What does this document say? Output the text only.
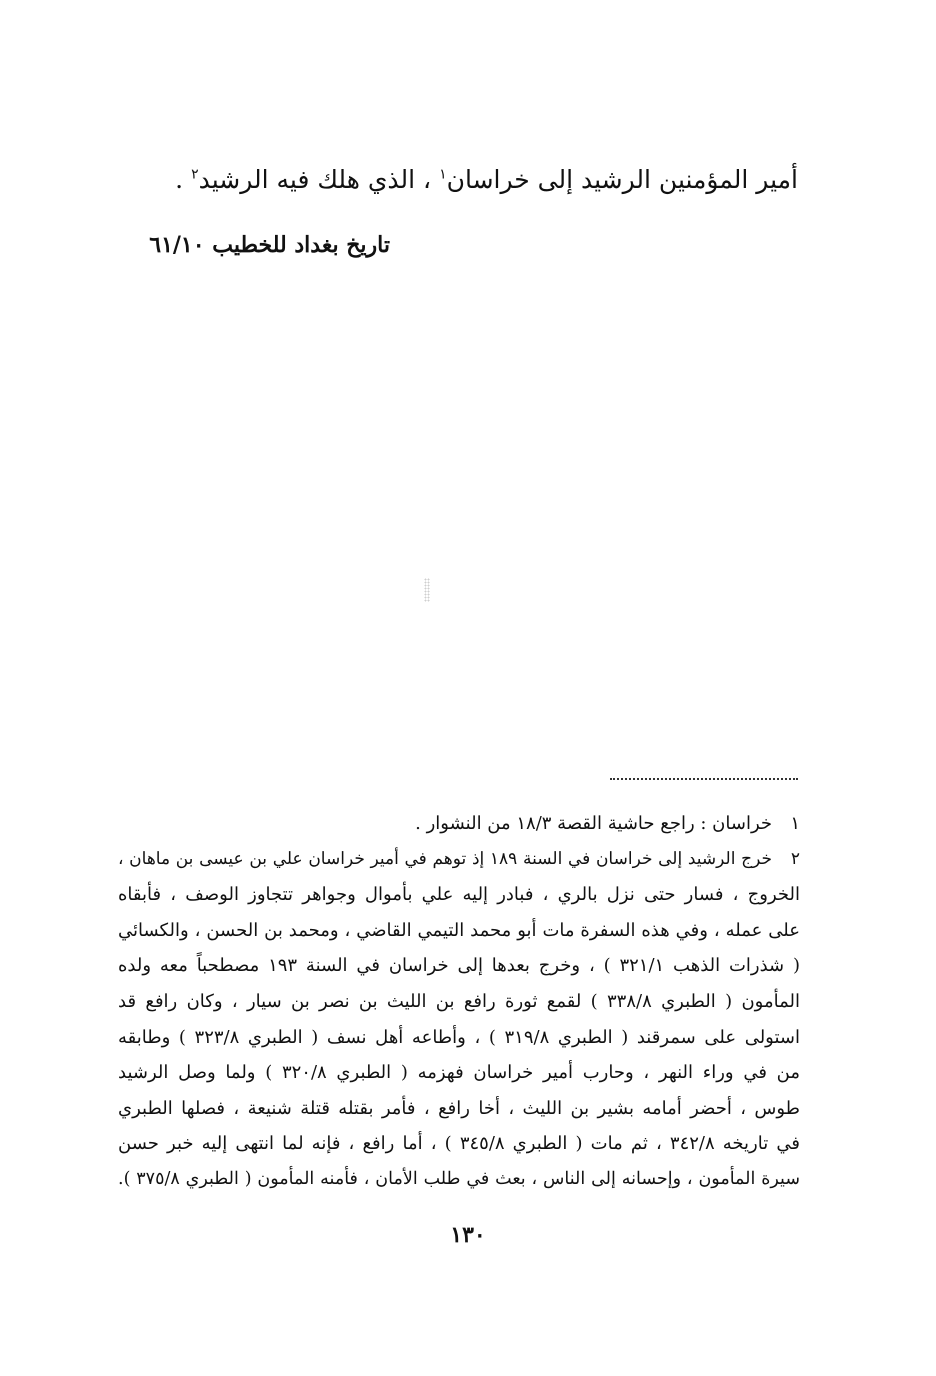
أمير المؤمنين الرشيد إلى خراسان$^١$ ، الذي هلك فيه الرشيد$^٢$ .
تاريخ بغداد للخطيب ٦١/١٠
١خراسان : راجع حاشية القصة ١٨/٣ من النشوار .
٢خرج الرشيد إلى خراسان في السنة ١٨٩ إذ توهم في أمير خراسان علي بن عيسى بن ماهان ،
الخروج ، فسار حتى نزل بالري ، فبادر إليه علي بأموال وجواهر تتجاوز الوصف ، فأبقاه
على عمله ، وفي هذه السفرة مات أبو محمد التيمي القاضي ، ومحمد بن الحسن ، والكسائي
( شذرات الذهب ٣٢١/١ ) ، وخرج بعدها إلى خراسان في السنة ١٩٣ مصطحباً معه ولده
المأمون ( الطبري ٣٣٨/٨ ) لقمع ثورة رافع بن الليث بن نصر بن سيار ، وكان رافع قد
استولى على سمرقند ( الطبري ٣١٩/٨ ) ، وأطاعه أهل نسف ( الطبري ٣٢٣/٨ ) وطابقه
من في وراء النهر ، وحارب أمير خراسان فهزمه ( الطبري ٣٢٠/٨ ) ولما وصل الرشيد
طوس ، أحضر أمامه بشير بن الليث ، أخا رافع ، فأمر بقتله قتلة شنيعة ، فصلها الطبري
في تاريخه ٣٤٢/٨ ، ثم مات ( الطبري ٣٤٥/٨ ) ، أما رافع ، فإنه لما انتهى إليه خبر حسن
سيرة المأمون ، وإحسانه إلى الناس ، بعث في طلب الأمان ، فأمنه المأمون ( الطبري ٣٧٥/٨ ).
١٣٠
